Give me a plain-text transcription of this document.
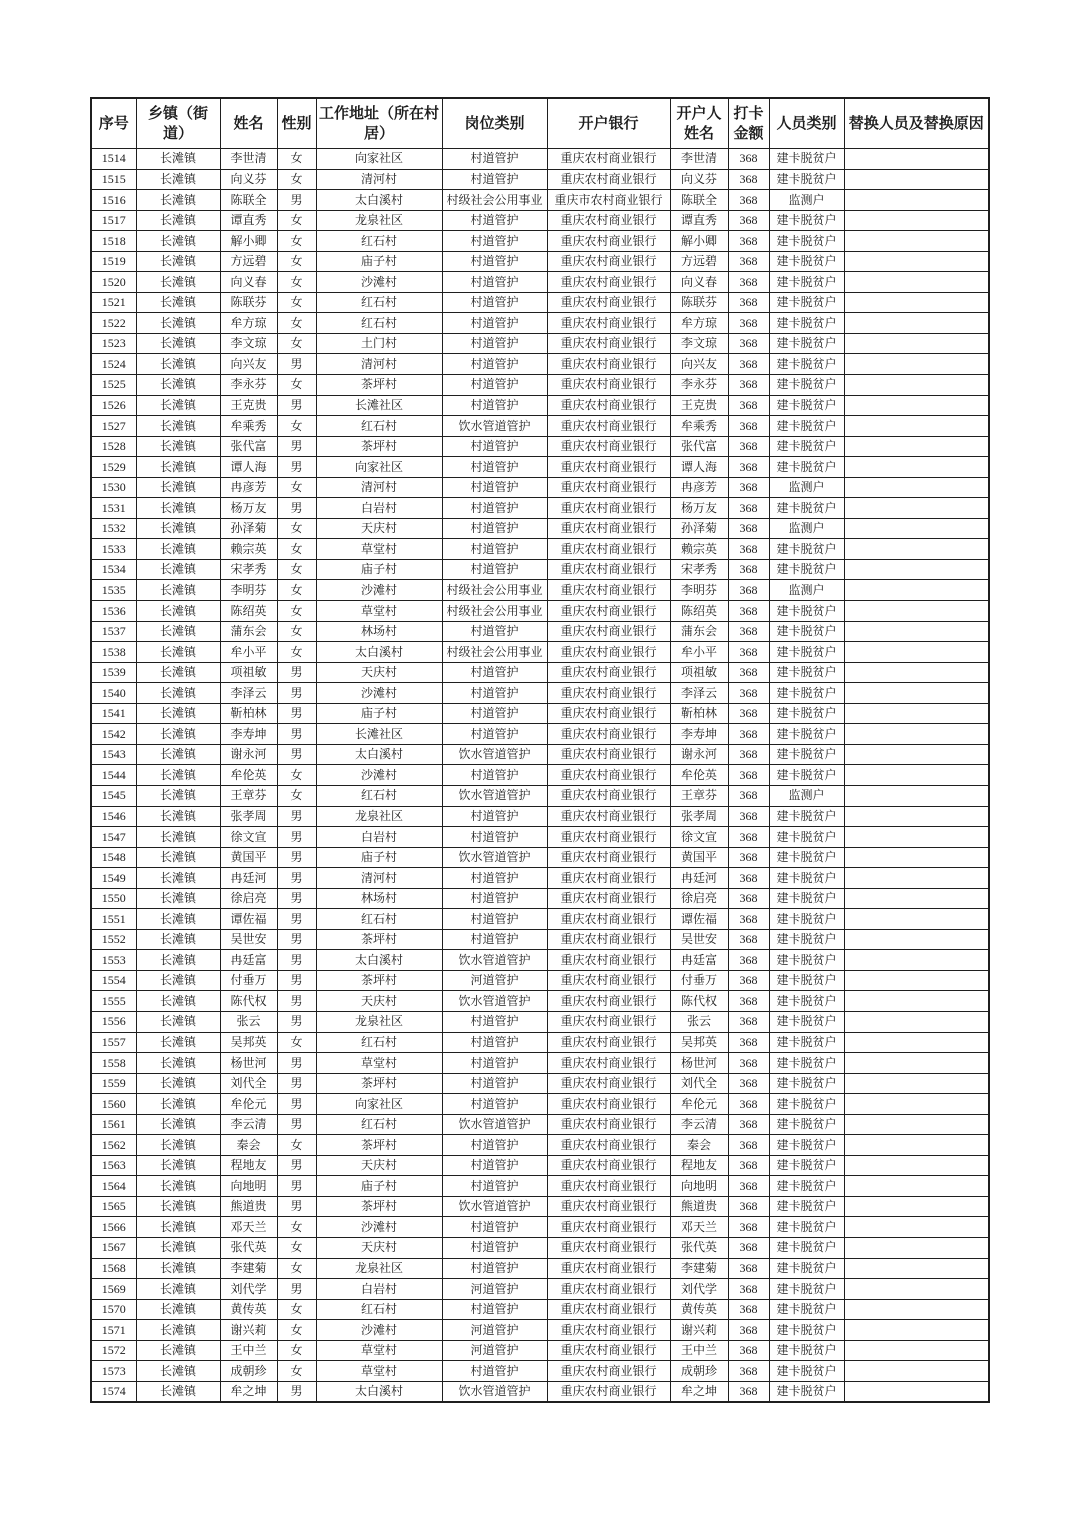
序号	乡镇（街道）	姓名	性别	工作地址（所在村居）	岗位类别	开户银行	开户人姓名	打卡金额	人员类别	替换人员及替换原因
1514	长滩镇	李世清	女	向家社区	村道管护	重庆农村商业银行	李世清	368	建卡脱贫户	
1515	长滩镇	向义芬	女	清河村	村道管护	重庆农村商业银行	向义芬	368	建卡脱贫户	
1516	长滩镇	陈联全	男	太白溪村	村级社会公用事业	重庆市农村商业银行	陈联全	368	监测户	
1517	长滩镇	谭直秀	女	龙泉社区	村道管护	重庆农村商业银行	谭直秀	368	建卡脱贫户	
1518	长滩镇	解小卿	女	红石村	村道管护	重庆农村商业银行	解小卿	368	建卡脱贫户	
1519	长滩镇	方远碧	女	庙子村	村道管护	重庆农村商业银行	方远碧	368	建卡脱贫户	
1520	长滩镇	向义春	女	沙滩村	村道管护	重庆农村商业银行	向义春	368	建卡脱贫户	
1521	长滩镇	陈联芬	女	红石村	村道管护	重庆农村商业银行	陈联芬	368	建卡脱贫户	
1522	长滩镇	牟方琼	女	红石村	村道管护	重庆农村商业银行	牟方琼	368	建卡脱贫户	
1523	长滩镇	李文琼	女	土门村	村道管护	重庆农村商业银行	李文琼	368	建卡脱贫户	
1524	长滩镇	向兴友	男	清河村	村道管护	重庆农村商业银行	向兴友	368	建卡脱贫户	
1525	长滩镇	李永芬	女	茶坪村	村道管护	重庆农村商业银行	李永芬	368	建卡脱贫户	
1526	长滩镇	王克贵	男	长滩社区	村道管护	重庆农村商业银行	王克贵	368	建卡脱贫户	
1527	长滩镇	牟乘秀	女	红石村	饮水管道管护	重庆农村商业银行	牟乘秀	368	建卡脱贫户	
1528	长滩镇	张代富	男	茶坪村	村道管护	重庆农村商业银行	张代富	368	建卡脱贫户	
1529	长滩镇	谭人海	男	向家社区	村道管护	重庆农村商业银行	谭人海	368	建卡脱贫户	
1530	长滩镇	冉彦芳	女	清河村	村道管护	重庆农村商业银行	冉彦芳	368	监测户	
1531	长滩镇	杨万友	男	白岩村	村道管护	重庆农村商业银行	杨万友	368	建卡脱贫户	
1532	长滩镇	孙泽菊	女	天庆村	村道管护	重庆农村商业银行	孙泽菊	368	监测户	
1533	长滩镇	赖宗英	女	草堂村	村道管护	重庆农村商业银行	赖宗英	368	建卡脱贫户	
1534	长滩镇	宋孝秀	女	庙子村	村道管护	重庆农村商业银行	宋孝秀	368	建卡脱贫户	
1535	长滩镇	李明芬	女	沙滩村	村级社会公用事业	重庆农村商业银行	李明芬	368	监测户	
1536	长滩镇	陈绍英	女	草堂村	村级社会公用事业	重庆农村商业银行	陈绍英	368	建卡脱贫户	
1537	长滩镇	蒲东会	女	林场村	村道管护	重庆农村商业银行	蒲东会	368	建卡脱贫户	
1538	长滩镇	牟小平	女	太白溪村	村级社会公用事业	重庆农村商业银行	牟小平	368	建卡脱贫户	
1539	长滩镇	项祖敏	男	天庆村	村道管护	重庆农村商业银行	项祖敏	368	建卡脱贫户	
1540	长滩镇	李泽云	男	沙滩村	村道管护	重庆农村商业银行	李泽云	368	建卡脱贫户	
1541	长滩镇	靳柏林	男	庙子村	村道管护	重庆农村商业银行	靳柏林	368	建卡脱贫户	
1542	长滩镇	李寿坤	男	长滩社区	村道管护	重庆农村商业银行	李寿坤	368	建卡脱贫户	
1543	长滩镇	谢永河	男	太白溪村	饮水管道管护	重庆农村商业银行	谢永河	368	建卡脱贫户	
1544	长滩镇	牟伦英	女	沙滩村	村道管护	重庆农村商业银行	牟伦英	368	建卡脱贫户	
1545	长滩镇	王章芬	女	红石村	饮水管道管护	重庆农村商业银行	王章芬	368	监测户	
1546	长滩镇	张孝周	男	龙泉社区	村道管护	重庆农村商业银行	张孝周	368	建卡脱贫户	
1547	长滩镇	徐文宣	男	白岩村	村道管护	重庆农村商业银行	徐文宣	368	建卡脱贫户	
1548	长滩镇	黄国平	男	庙子村	饮水管道管护	重庆农村商业银行	黄国平	368	建卡脱贫户	
1549	长滩镇	冉廷河	男	清河村	村道管护	重庆农村商业银行	冉廷河	368	建卡脱贫户	
1550	长滩镇	徐启亮	男	林场村	村道管护	重庆农村商业银行	徐启亮	368	建卡脱贫户	
1551	长滩镇	谭佐福	男	红石村	村道管护	重庆农村商业银行	谭佐福	368	建卡脱贫户	
1552	长滩镇	吴世安	男	茶坪村	村道管护	重庆农村商业银行	吴世安	368	建卡脱贫户	
1553	长滩镇	冉廷富	男	太白溪村	饮水管道管护	重庆农村商业银行	冉廷富	368	建卡脱贫户	
1554	长滩镇	付垂万	男	茶坪村	河道管护	重庆农村商业银行	付垂万	368	建卡脱贫户	
1555	长滩镇	陈代权	男	天庆村	饮水管道管护	重庆农村商业银行	陈代权	368	建卡脱贫户	
1556	长滩镇	张云	男	龙泉社区	村道管护	重庆农村商业银行	张云	368	建卡脱贫户	
1557	长滩镇	吴邦英	女	红石村	村道管护	重庆农村商业银行	吴邦英	368	建卡脱贫户	
1558	长滩镇	杨世河	男	草堂村	村道管护	重庆农村商业银行	杨世河	368	建卡脱贫户	
1559	长滩镇	刘代全	男	茶坪村	村道管护	重庆农村商业银行	刘代全	368	建卡脱贫户	
1560	长滩镇	牟伦元	男	向家社区	村道管护	重庆农村商业银行	牟伦元	368	建卡脱贫户	
1561	长滩镇	李云清	男	红石村	饮水管道管护	重庆农村商业银行	李云清	368	建卡脱贫户	
1562	长滩镇	秦会	女	茶坪村	村道管护	重庆农村商业银行	秦会	368	建卡脱贫户	
1563	长滩镇	程地友	男	天庆村	村道管护	重庆农村商业银行	程地友	368	建卡脱贫户	
1564	长滩镇	向地明	男	庙子村	村道管护	重庆农村商业银行	向地明	368	建卡脱贫户	
1565	长滩镇	熊道贵	男	茶坪村	饮水管道管护	重庆农村商业银行	熊道贵	368	建卡脱贫户	
1566	长滩镇	邓天兰	女	沙滩村	村道管护	重庆农村商业银行	邓天兰	368	建卡脱贫户	
1567	长滩镇	张代英	女	天庆村	村道管护	重庆农村商业银行	张代英	368	建卡脱贫户	
1568	长滩镇	李建菊	女	龙泉社区	村道管护	重庆农村商业银行	李建菊	368	建卡脱贫户	
1569	长滩镇	刘代学	男	白岩村	河道管护	重庆农村商业银行	刘代学	368	建卡脱贫户	
1570	长滩镇	黄传英	女	红石村	村道管护	重庆农村商业银行	黄传英	368	建卡脱贫户	
1571	长滩镇	谢兴莉	女	沙滩村	河道管护	重庆农村商业银行	谢兴莉	368	建卡脱贫户	
1572	长滩镇	王中兰	女	草堂村	河道管护	重庆农村商业银行	王中兰	368	建卡脱贫户	
1573	长滩镇	成朝珍	女	草堂村	村道管护	重庆农村商业银行	成朝珍	368	建卡脱贫户	
1574	长滩镇	牟之坤	男	太白溪村	饮水管道管护	重庆农村商业银行	牟之坤	368	建卡脱贫户	
